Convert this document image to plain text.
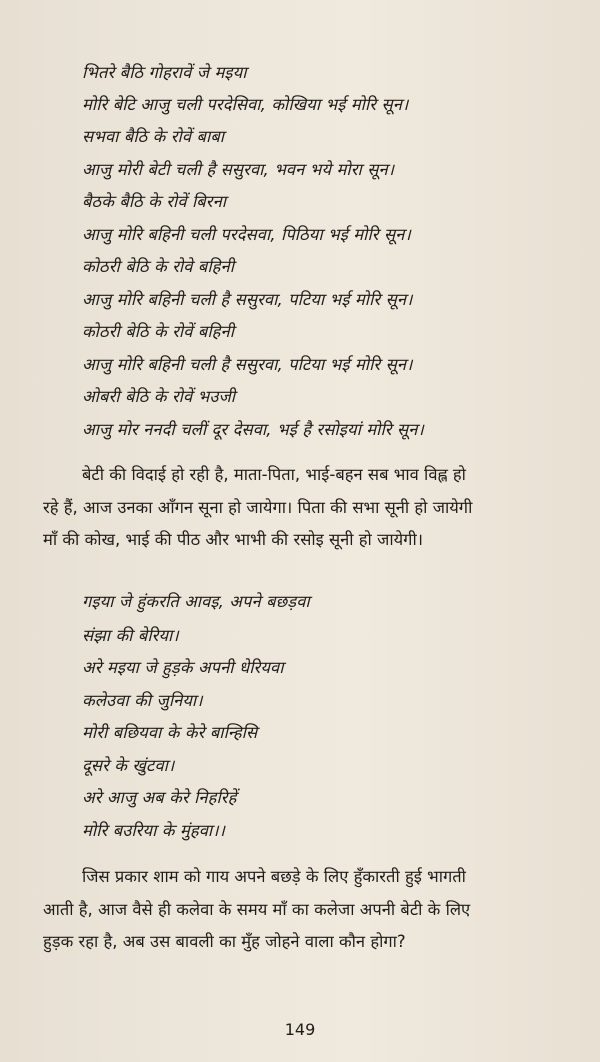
भितरे बैठि गोहरावें जे मइया
मोरि बेटि आजु चली परदेसिवा, कोखिया भई मोरि सून।
सभवा बैठि के रोवें बाबा
आजु मोरी बेटी चली है ससुरवा, भवन भये मोरा सून।
बैठके बैठि के रोवें बिरना
आजु मोरि बहिनी चली परदेसवा, पिठिया भई मोरि सून।
कोठरी बेठि के रोवे बहिनी
आजु मोरि बहिनी चली है ससुरवा, पटिया भई मोरि सून।
कोठरी बेठि के रोवें बहिनी
आजु मोरि बहिनी चली है ससुरवा, पटिया भई मोरि सून।
ओबरी बेठि के रोवें भउजी
आजु मोर ननदी चलीं दूर देसवा, भई है रसोइयां मोरि सून।
बेटी की विदाई हो रही है, माता-पिता, भाई-बहन सब भाव विह्ल हो
रहे हैं, आज उनका आँगन सूना हो जायेगा। पिता की सभा सूनी हो जायेगी
माँ की कोख, भाई की पीठ और भाभी की रसोइ सूनी हो जायेगी।
गइया जे हुंकरति आवइ, अपने बछड़वा
संझा की बेरिया।
अरे मइया जे हुड़के अपनी धेरियवा
कलेउवा की जुनिया।
मोरी बछियवा के केरे बान्हिसि
दूसरे के खुंटवा।
अरे आजु अब केरे निहरिहें
मोरि बउरिया के मुंहवा।।
जिस प्रकार शाम को गाय अपने बछड़े के लिए हुँकारती हुई भागती
आती है, आज वैसे ही कलेवा के समय माँ का कलेजा अपनी बेटी के लिए
हुड़क रहा है, अब उस बावली का मुँह जोहने वाला कौन होगा?
149
